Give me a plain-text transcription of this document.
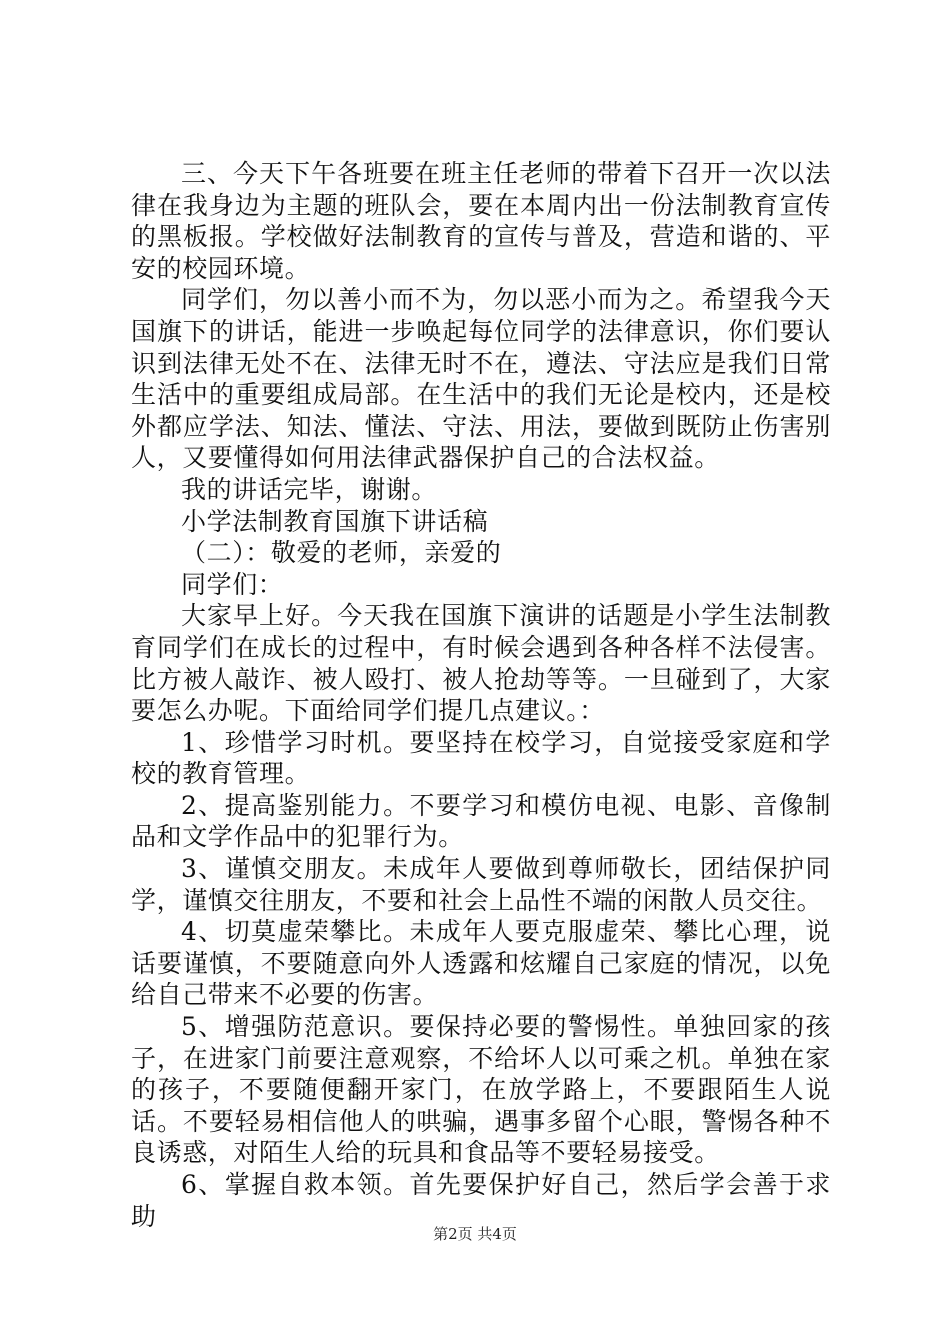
三、今天下午各班要在班主任老师的带着下召开一次以法律在我身边为主题的班队会，要在本周内出一份法制教育宣传的黑板报。学校做好法制教育的宣传与普及，营造和谐的、平安的校园环境。

同学们，勿以善小而不为，勿以恶小而为之。希望我今天国旗下的讲话，能进一步唤起每位同学的法律意识，你们要认识到法律无处不在、法律无时不在，遵法、守法应是我们日常生活中的重要组成局部。在生活中的我们无论是校内，还是校外都应学法、知法、懂法、守法、用法，要做到既防止伤害别人，又要懂得如何用法律武器保护自己的合法权益。

我的讲话完毕，谢谢。

小学法制教育国旗下讲话稿

（二）：敬爱的老师，亲爱的

同学们：

大家早上好。今天我在国旗下演讲的话题是小学生法制教育同学们在成长的过程中，有时候会遇到各种各样不法侵害。比方被人敲诈、被人殴打、被人抢劫等等。一旦碰到了，大家要怎么办呢。下面给同学们提几点建议。：

1、珍惜学习时机。要坚持在校学习，自觉接受家庭和学校的教育管理。

2、提高鉴别能力。不要学习和模仿电视、电影、音像制品和文学作品中的犯罪行为。

3、谨慎交朋友。未成年人要做到尊师敬长，团结保护同学，谨慎交往朋友，不要和社会上品性不端的闲散人员交往。

4、切莫虚荣攀比。未成年人要克服虚荣、攀比心理，说话要谨慎，不要随意向外人透露和炫耀自己家庭的情况，以免给自己带来不必要的伤害。

5、增强防范意识。要保持必要的警惕性。单独回家的孩子，在进家门前要注意观察，不给坏人以可乘之机。单独在家的孩子，不要随便翻开家门，在放学路上，不要跟陌生人说话。不要轻易相信他人的哄骗，遇事多留个心眼，警惕各种不良诱惑，对陌生人给的玩具和食品等不要轻易接受。

6、掌握自救本领。首先要保护好自己，然后学会善于求助

第2页 共4页
